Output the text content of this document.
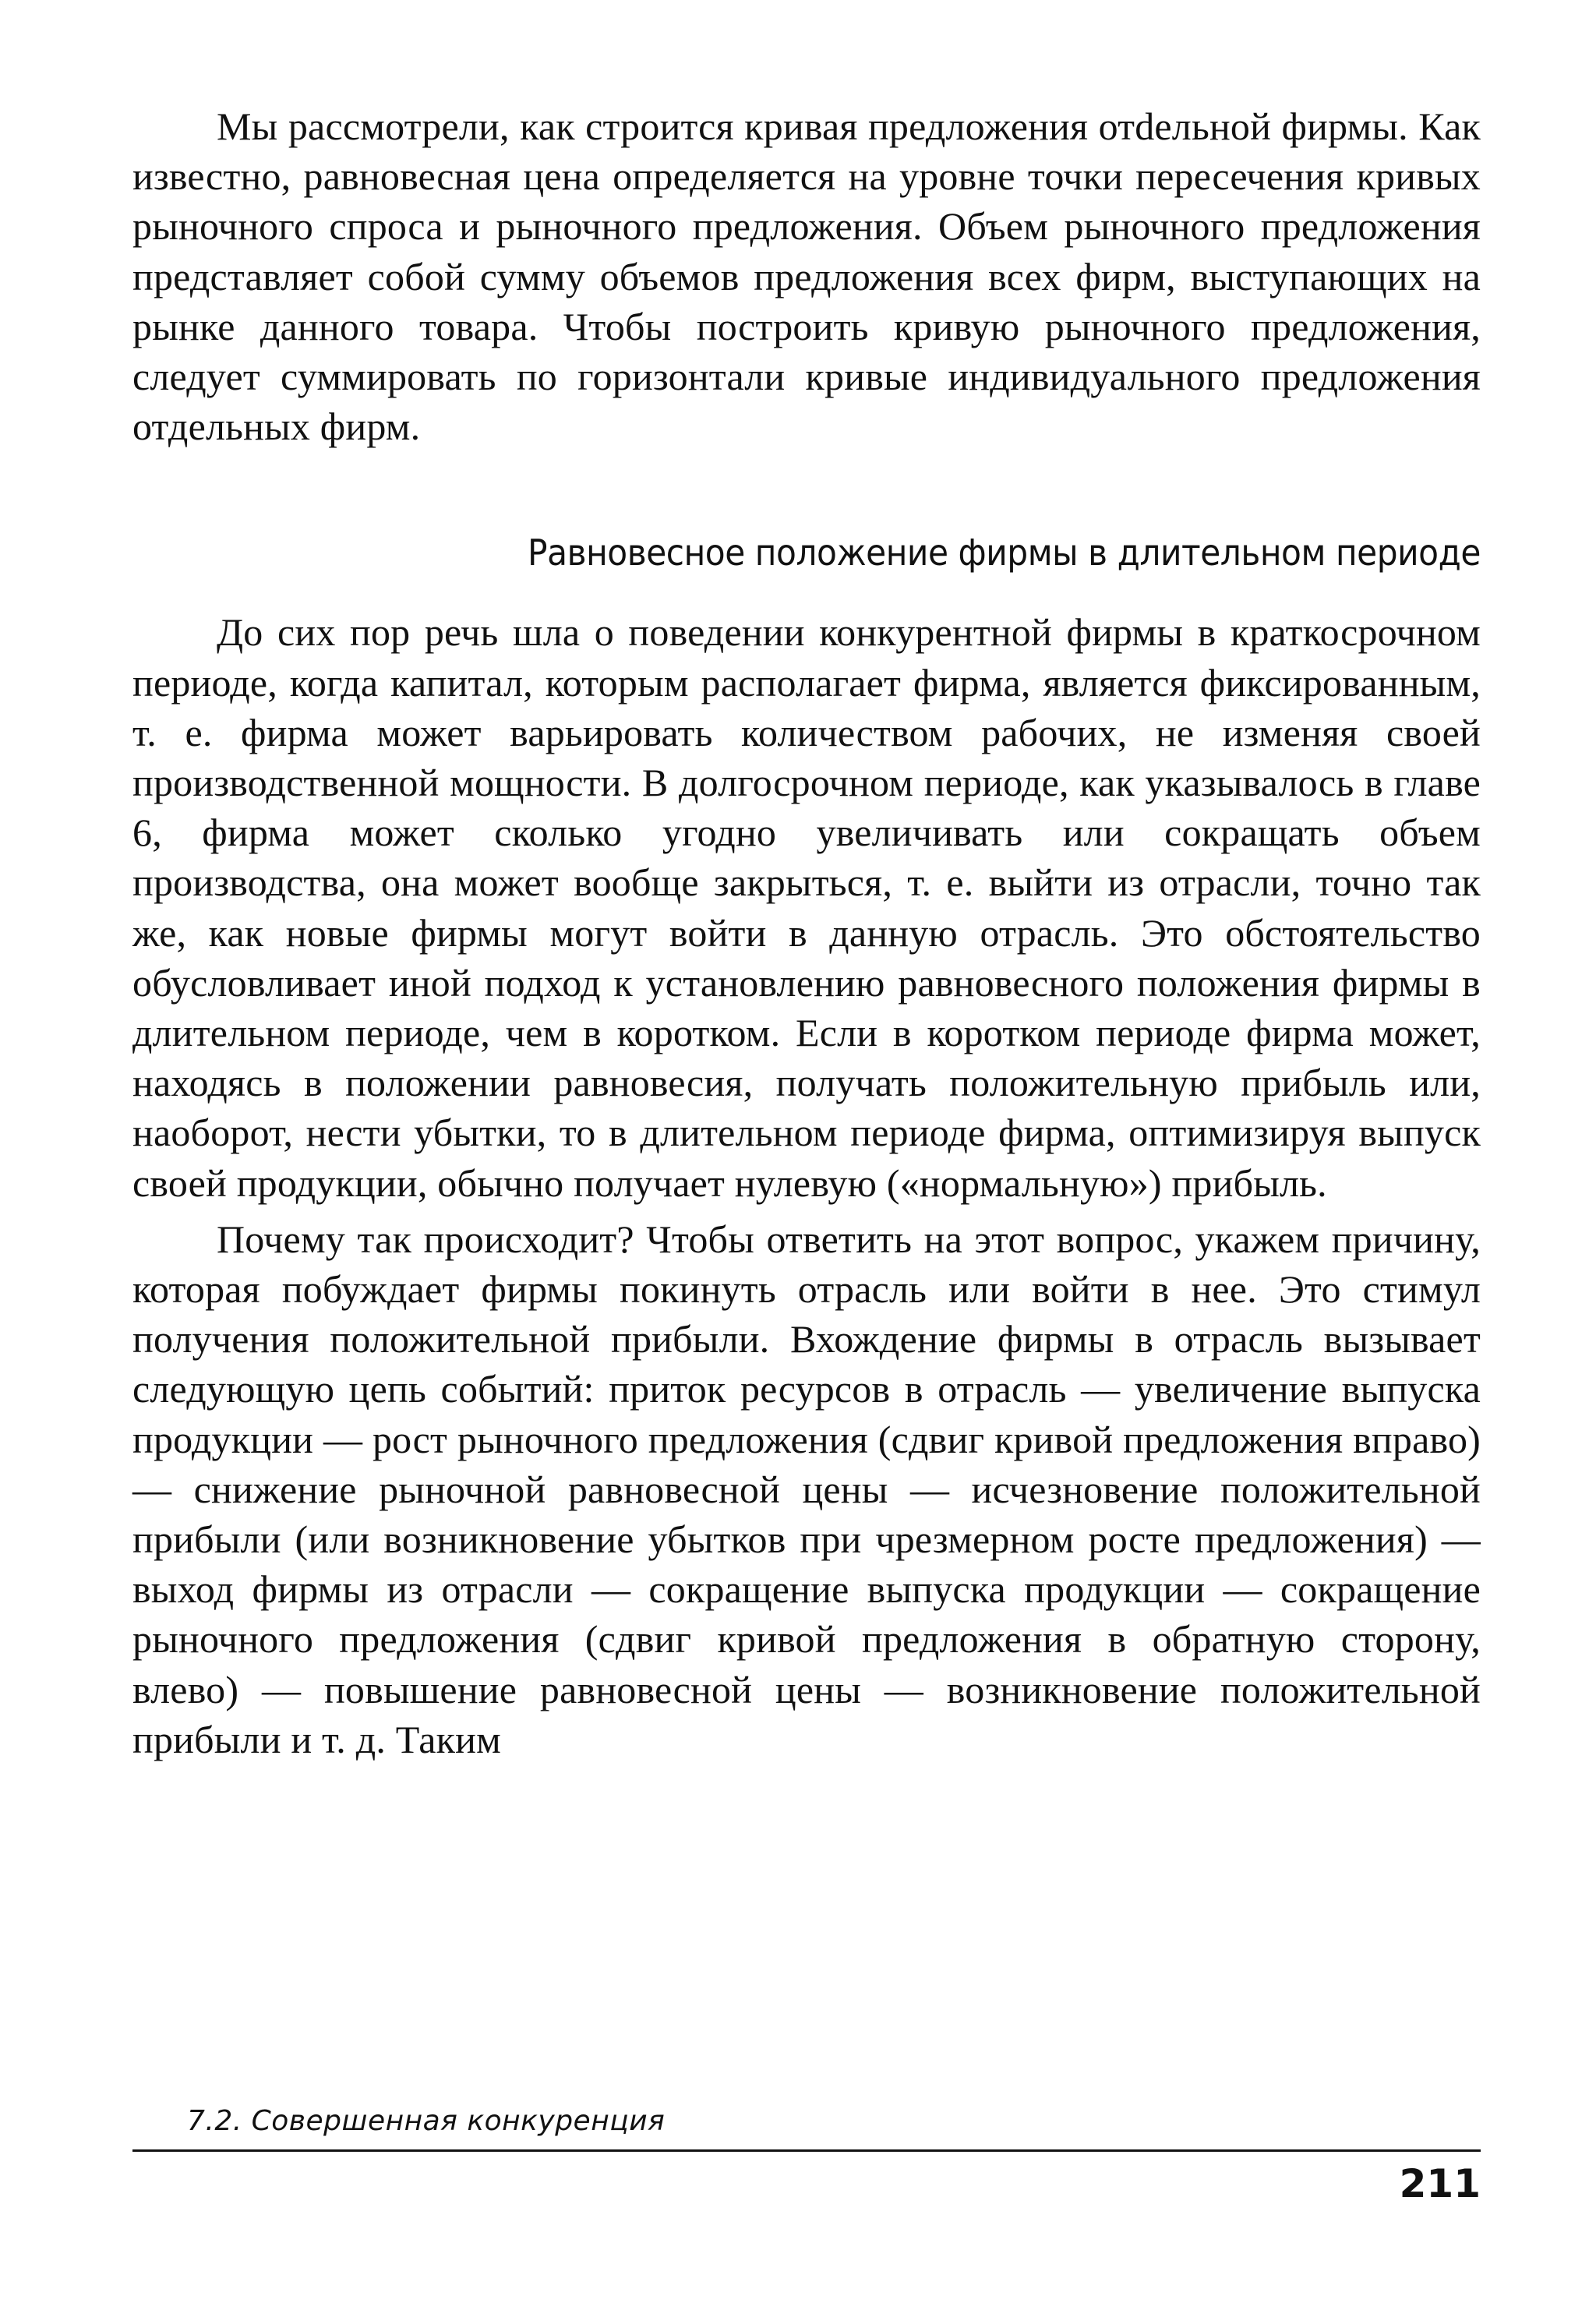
Мы рассмотрели, как строится кривая предложения отdельной фирмы. Как известно, равновесная цена определяется на уровне точки пересечения кривых рыночного спроса и рыночного предложения. Объем рыночного предложения представляет собой сумму объемов предложения всех фирм, выступающих на рынке данного товара. Чтобы построить кривую рыночного предложения, следует суммировать по горизонтали кривые индивидуального предложения отдельных фирм.

Равновесное положение фирмы в длительном периоде

До сих пор речь шла о поведении конкурентной фирмы в краткосрочном периоде, когда капитал, которым располагает фирма, является фиксированным, т. е. фирма может варьировать количеством рабочих, не изменяя своей производственной мощности. В долгосрочном периоде, как указывалось в главе 6, фирма может сколько угодно увеличивать или сокращать объем производства, она может вообще закрыться, т. е. выйти из отрасли, точно так же, как новые фирмы могут войти в данную отрасль. Это обстоятельство обусловливает иной подход к установлению равновесного положения фирмы в длительном периоде, чем в коротком. Если в коротком периоде фирма может, находясь в положении равновесия, получать положительную прибыль или, наоборот, нести убытки, то в длительном периоде фирма, оптимизируя выпуск своей продукции, обычно получает нулевую («нормальную») прибыль.

Почему так происходит? Чтобы ответить на этот вопрос, укажем причину, которая побуждает фирмы покинуть отрасль или войти в нее. Это стимул получения положительной прибыли. Вхождение фирмы в отрасль вызывает следующую цепь событий: приток ресурсов в отрасль — увеличение выпуска продукции — рост рыночного предложения (сдвиг кривой предложения вправо) — снижение рыночной равновесной цены — исчезновение положительной прибыли (или возникновение убытков при чрезмерном росте предложения) — выход фирмы из отрасли — сокращение выпуска продукции — сокращение рыночного предложения (сдвиг кривой предложения в обратную сторону, влево) — повышение равновесной цены — возникновение положительной прибыли и т. д. Таким

7.2. Совершенная конкуренция
211
